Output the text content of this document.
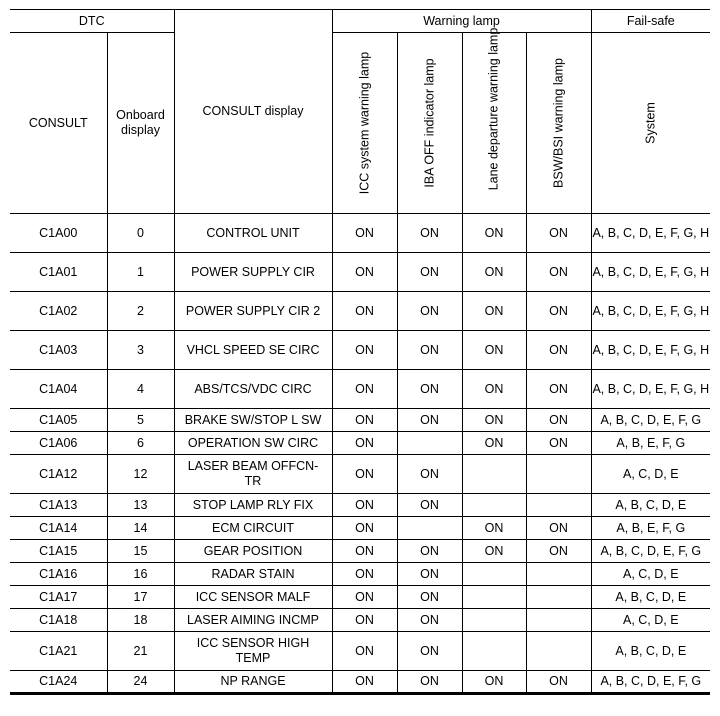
DTC		CONSULT display	Warning lamp				Fail-safe
CONSULT	Onboard display		ICC system warning lamp	IBA OFF indicator lamp	Lane departure warning lamp	BSW/BSI warning lamp	System

C1A00	0	CONTROL UNIT	ON	ON	ON	ON	A, B, C, D, E, F, G, H
C1A01	1	POWER SUPPLY CIR	ON	ON	ON	ON	A, B, C, D, E, F, G, H
C1A02	2	POWER SUPPLY CIR 2	ON	ON	ON	ON	A, B, C, D, E, F, G, H
C1A03	3	VHCL SPEED SE CIRC	ON	ON	ON	ON	A, B, C, D, E, F, G, H
C1A04	4	ABS/TCS/VDC CIRC	ON	ON	ON	ON	A, B, C, D, E, F, G, H
C1A05	5	BRAKE SW/STOP L SW	ON	ON	ON	ON	A, B, C, D, E, F, G
C1A06	6	OPERATION SW CIRC	ON		ON	ON	A, B, E, F, G
C1A12	12	LASER BEAM OFFCN-TR	ON	ON			A, C, D, E
C1A13	13	STOP LAMP RLY FIX	ON	ON			A, B, C, D, E
C1A14	14	ECM CIRCUIT	ON		ON	ON	A, B, E, F, G
C1A15	15	GEAR POSITION	ON	ON	ON	ON	A, B, C, D, E, F, G
C1A16	16	RADAR STAIN	ON	ON			A, C, D, E
C1A17	17	ICC SENSOR MALF	ON	ON			A, B, C, D, E
C1A18	18	LASER AIMING INCMP	ON	ON			A, C, D, E
C1A21	21	ICC SENSOR HIGH TEMP	ON	ON			A, B, C, D, E
C1A24	24	NP RANGE	ON	ON	ON	ON	A, B, C, D, E, F, G
